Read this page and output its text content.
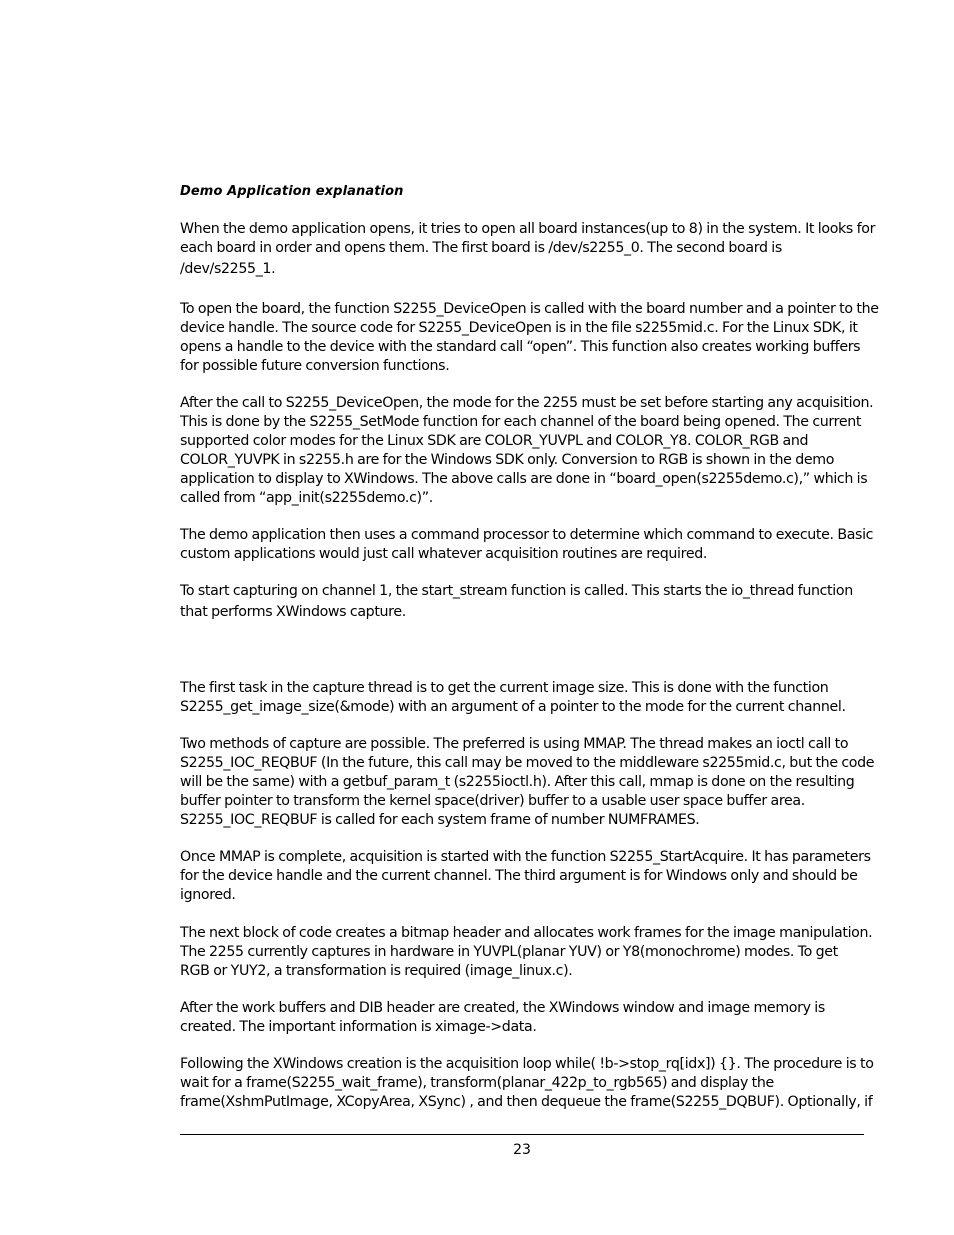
Demo Application explanation
When the demo application opens, it tries to open all board instances(up to 8) in the system. It looks for
each board in order and opens them. The first board is /dev/s2255_0. The second board is
/dev/s2255_1.
To open the board, the function S2255_DeviceOpen is called with the board number and a pointer to the
device handle. The source code for S2255_DeviceOpen is in the file s2255mid.c. For the Linux SDK, it
opens a handle to the device with the standard call “open”. This function also creates working buffers
for possible future conversion functions.
After the call to S2255_DeviceOpen, the mode for the 2255 must be set before starting any acquisition.
This is done by the S2255_SetMode function for each channel of the board being opened. The current
supported color modes for the Linux SDK are COLOR_YUVPL and COLOR_Y8. COLOR_RGB and
COLOR_YUVPK in s2255.h are for the Windows SDK only. Conversion to RGB is shown in the demo
application to display to XWindows. The above calls are done in “board_open(s2255demo.c),” which is
called from “app_init(s2255demo.c)”.
The demo application then uses a command processor to determine which command to execute. Basic
custom applications would just call whatever acquisition routines are required.
To start capturing on channel 1, the start_stream function is called. This starts the io_thread function
that performs XWindows capture.
The first task in the capture thread is to get the current image size. This is done with the function
S2255_get_image_size(&mode) with an argument of a pointer to the mode for the current channel.
Two methods of capture are possible. The preferred is using MMAP. The thread makes an ioctl call to
S2255_IOC_REQBUF (In the future, this call may be moved to the middleware s2255mid.c, but the code
will be the same) with a getbuf_param_t (s2255ioctl.h). After this call, mmap is done on the resulting
buffer pointer to transform the kernel space(driver) buffer to a usable user space buffer area.
S2255_IOC_REQBUF is called for each system frame of number NUMFRAMES.
Once MMAP is complete, acquisition is started with the function S2255_StartAcquire. It has parameters
for the device handle and the current channel. The third argument is for Windows only and should be
ignored.
The next block of code creates a bitmap header and allocates work frames for the image manipulation.
The 2255 currently captures in hardware in YUVPL(planar YUV) or Y8(monochrome) modes. To get
RGB or YUY2, a transformation is required (image_linux.c).
After the work buffers and DIB header are created, the XWindows window and image memory is
created. The important information is ximage->data.
Following the XWindows creation is the acquisition loop while( !b->stop_rq[idx]) {}. The procedure is to
wait for a frame(S2255_wait_frame), transform(planar_422p_to_rgb565) and display the
frame(XshmPutImage, XCopyArea, XSync) , and then dequeue the frame(S2255_DQBUF). Optionally, if
23
